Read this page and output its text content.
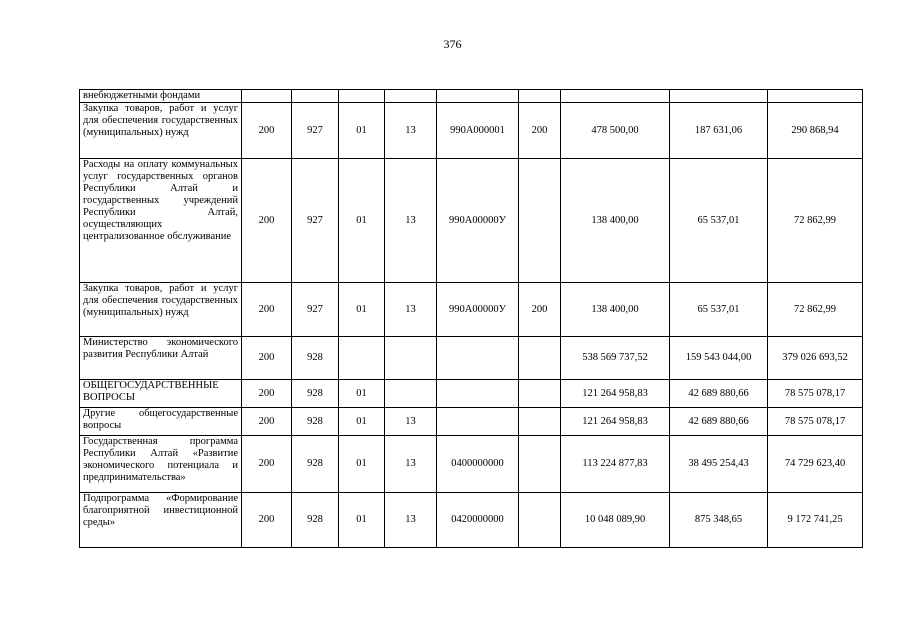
376
внебюджетными фондами									
Закупка товаров, работ и услуг для обеспечения государственных (муниципальных) нужд	200	927	01	13	990А000001	200	478 500,00	187 631,06	290 868,94
Расходы на оплату коммунальных услуг государственных органов Республики Алтай и государственных учреждений Республики Алтай, осуществляющих централизованное обслуживание	200	927	01	13	990А00000У		138 400,00	65 537,01	72 862,99
Закупка товаров, работ и услуг для обеспечения государственных (муниципальных) нужд	200	927	01	13	990А00000У	200	138 400,00	65 537,01	72 862,99
Министерство экономического развития Республики Алтай	200	928					538 569 737,52	159 543 044,00	379 026 693,52
ОБЩЕГОСУДАРСТВЕННЫЕ ВОПРОСЫ	200	928	01				121 264 958,83	42 689 880,66	78 575 078,17
Другие общегосударственные вопросы	200	928	01	13			121 264 958,83	42 689 880,66	78 575 078,17
Государственная программа Республики Алтай «Развитие экономического потенциала и предпринимательства»	200	928	01	13	0400000000		113 224 877,83	38 495 254,43	74 729 623,40
Подпрограмма «Формирование благоприятной инвестиционной среды»	200	928	01	13	0420000000		10 048 089,90	875 348,65	9 172 741,25
